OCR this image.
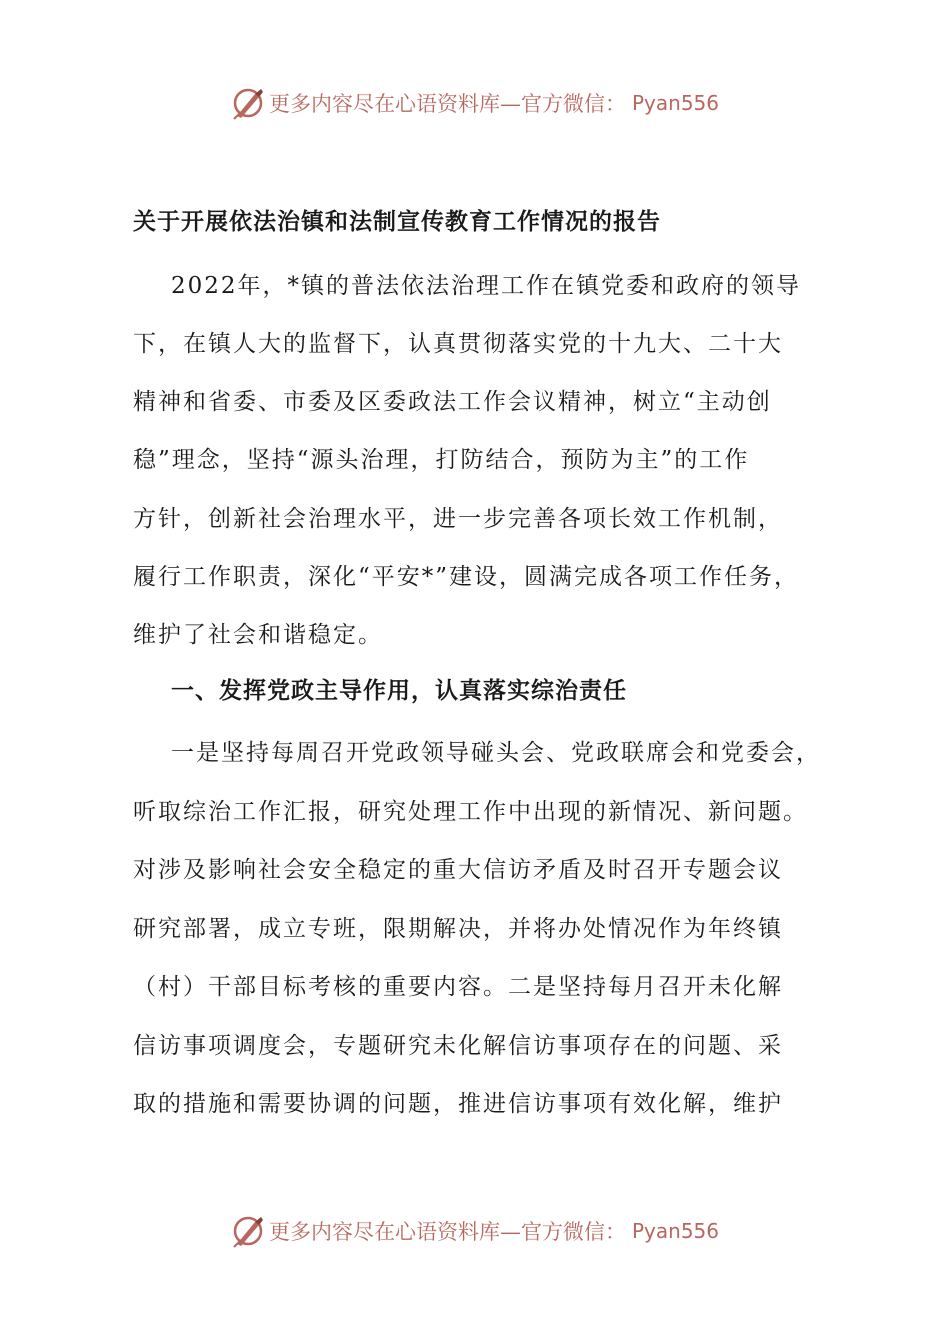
更多内容尽在心语资料库—官方微信： Pyan556
关于开展依法治镇和法制宣传教育工作情况的报告
2022年，*镇的普法依法治理工作在镇党委和政府的领导
下，在镇人大的监督下，认真贯彻落实党的十九大、二十大
精神和省委、市委及区委政法工作会议精神，树立“主动创
稳”理念，坚持“源头治理，打防结合，预防为主”的工作
方针，创新社会治理水平，进一步完善各项长效工作机制，
履行工作职责，深化“平安*”建设，圆满完成各项工作任务，
维护了社会和谐稳定。
一、发挥党政主导作用，认真落实综治责任
一是坚持每周召开党政领导碰头会、党政联席会和党委会，
听取综治工作汇报，研究处理工作中出现的新情况、新问题。
对涉及影响社会安全稳定的重大信访矛盾及时召开专题会议
研究部署，成立专班，限期解决，并将办处情况作为年终镇
（村）干部目标考核的重要内容。二是坚持每月召开未化解
信访事项调度会，专题研究未化解信访事项存在的问题、采
取的措施和需要协调的问题，推进信访事项有效化解，维护
更多内容尽在心语资料库—官方微信： Pyan556
